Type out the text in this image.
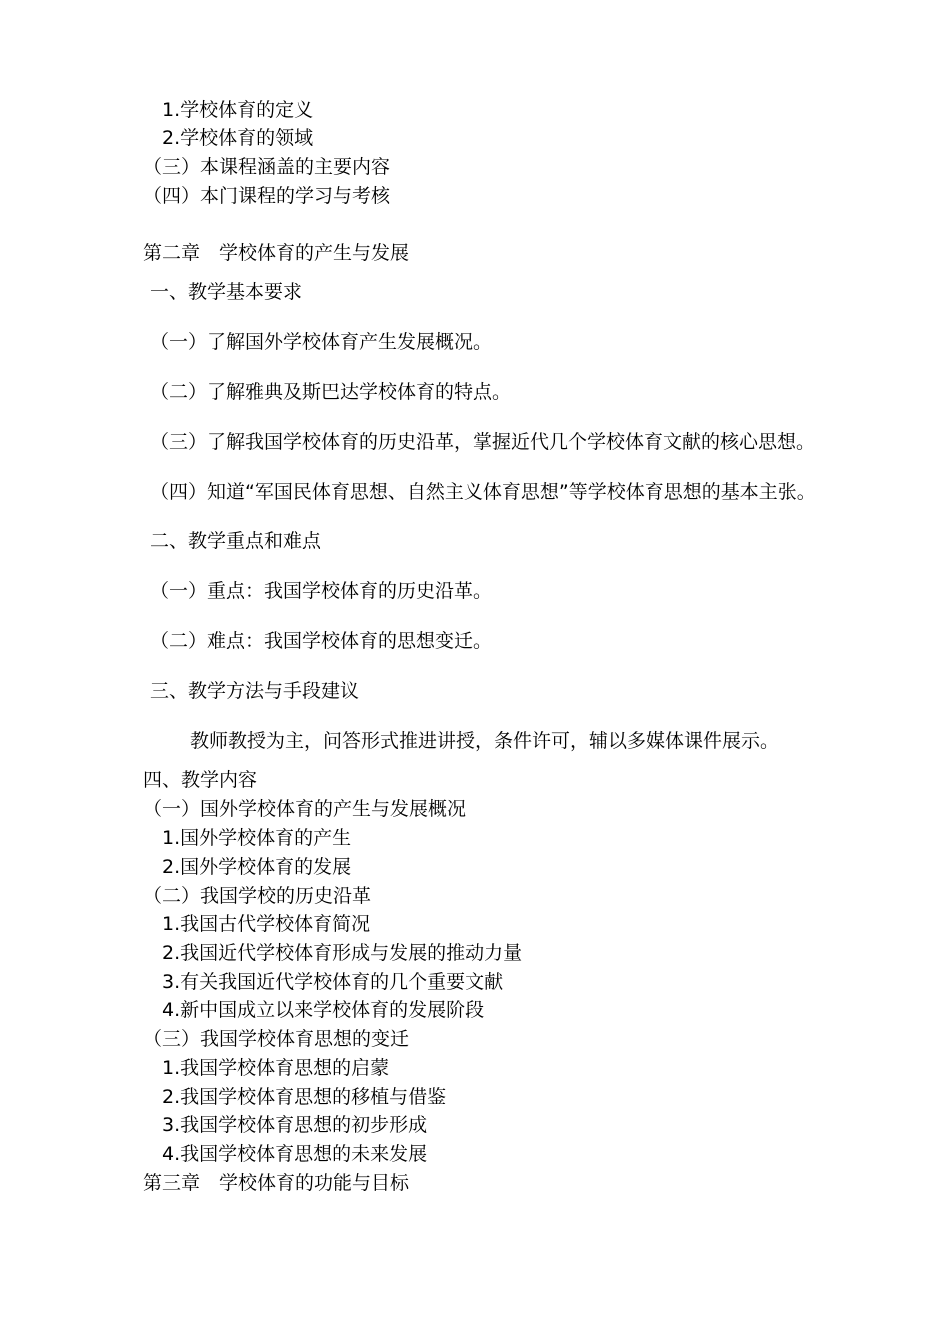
1.学校体育的定义
2.学校体育的领域
（三）本课程涵盖的主要内容
（四）本门课程的学习与考核
第二章　学校体育的产生与发展
一、教学基本要求
（一）了解国外学校体育产生发展概况。
（二）了解雅典及斯巴达学校体育的特点。
（三）了解我国学校体育的历史沿革，掌握近代几个学校体育文献的核心思想。
（四）知道“军国民体育思想、自然主义体育思想”等学校体育思想的基本主张。
二、教学重点和难点
（一）重点：我国学校体育的历史沿革。
（二）难点：我国学校体育的思想变迁。
三、教学方法与手段建议
教师教授为主，问答形式推进讲授，条件许可，辅以多媒体课件展示。
四、教学内容
（一）国外学校体育的产生与发展概况
1.国外学校体育的产生
2.国外学校体育的发展
（二）我国学校的历史沿革
1.我国古代学校体育简况
2.我国近代学校体育形成与发展的推动力量
3.有关我国近代学校体育的几个重要文献
4.新中国成立以来学校体育的发展阶段
（三）我国学校体育思想的变迁
1.我国学校体育思想的启蒙
2.我国学校体育思想的移植与借鉴
3.我国学校体育思想的初步形成
4.我国学校体育思想的未来发展
第三章　学校体育的功能与目标
